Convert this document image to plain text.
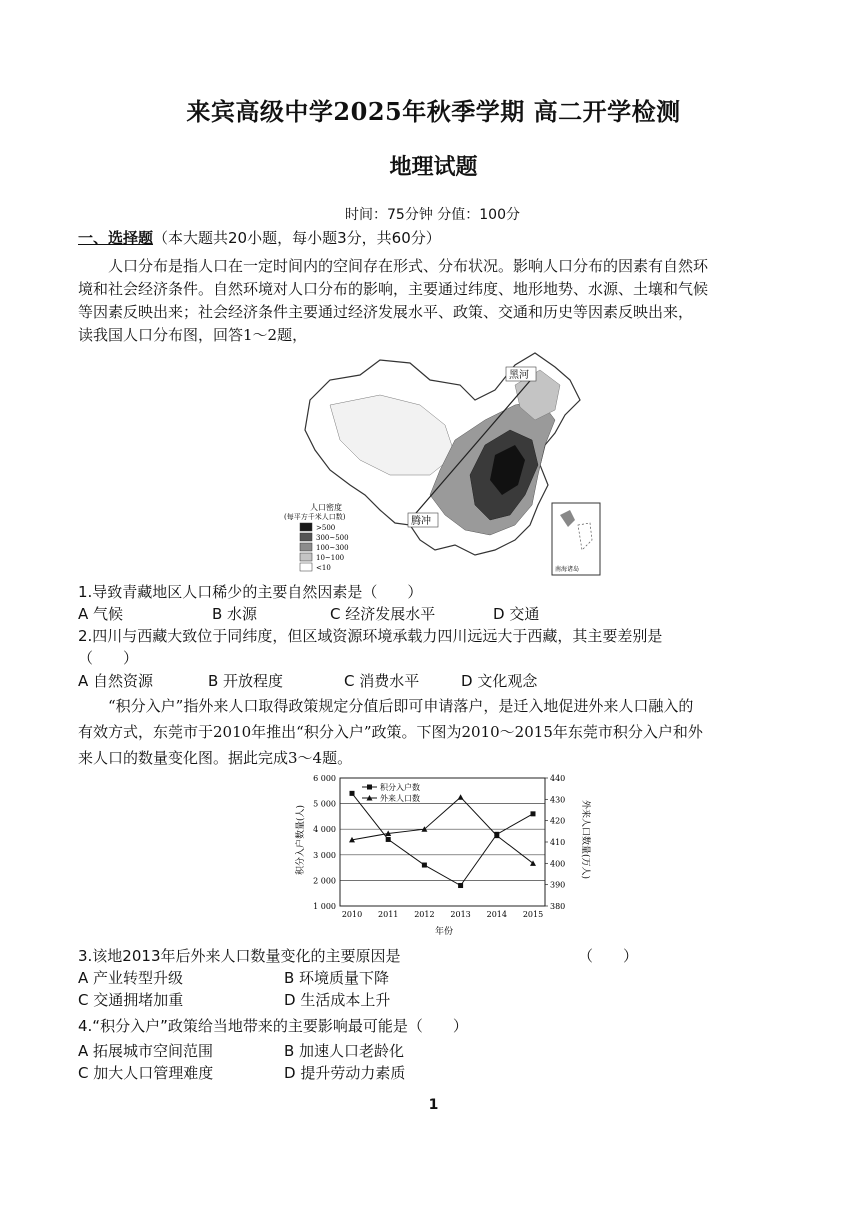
来宾高级中学2025年秋季学期 高二开学检测
地理试题
时间：75分钟 分值：100分
一、选择题（本大题共20小题，每小题3分，共60分）

人口分布是指人口在一定时间内的空间存在形式、分布状况。影响人口分布的因素有自然环

境和社会经济条件。自然环境对人口分布的影响，主要通过纬度、地形地势、水源、土壤和气候

等因素反映出来；社会经济条件主要通过经济发展水平、政策、交通和历史等因素反映出来，

读我国人口分布图，回答1～2题，

黑河
腾冲
人口密度
(每平方千米人口数)
>500
300~500
100~300
10~100
<10	南海诸岛
1.导致青藏地区人口稀少的主要自然因素是（　　）
A 气候	B 水源	C 经济发展水平	D 交通
2.四川与西藏大致位于同纬度，但区域资源环境承载力四川远远大于西藏，其主要差别是
（　　）
A 自然资源	B 开放程度	C 消费水平	D 文化观念

“积分入户”指外来人口取得政策规定分值后即可申请落户，是迁入地促进外来人口融入的

有效方式，东莞市于2010年推出“积分入户”政策。下图为2010～2015年东莞市积分入户和外

来人口的数量变化图。据此完成3～4题。

1 000
2 000
3 000
4 000
5 000
6 000
380
390
400
410
420
430
440
2010 2011 2012 2013 2014 2015
积分入户数
外来人口数
积分入户数量(人)	外来人口数量(万人)
年份
3.该地2013年后外来人口数量变化的主要原因是	（　　）
A 产业转型升级	B 环境质量下降
C 交通拥堵加重	D 生活成本上升
4.“积分入户”政策给当地带来的主要影响最可能是（　　）
A 拓展城市空间范围	B 加速人口老龄化
C 加大人口管理难度	D 提升劳动力素质
1
